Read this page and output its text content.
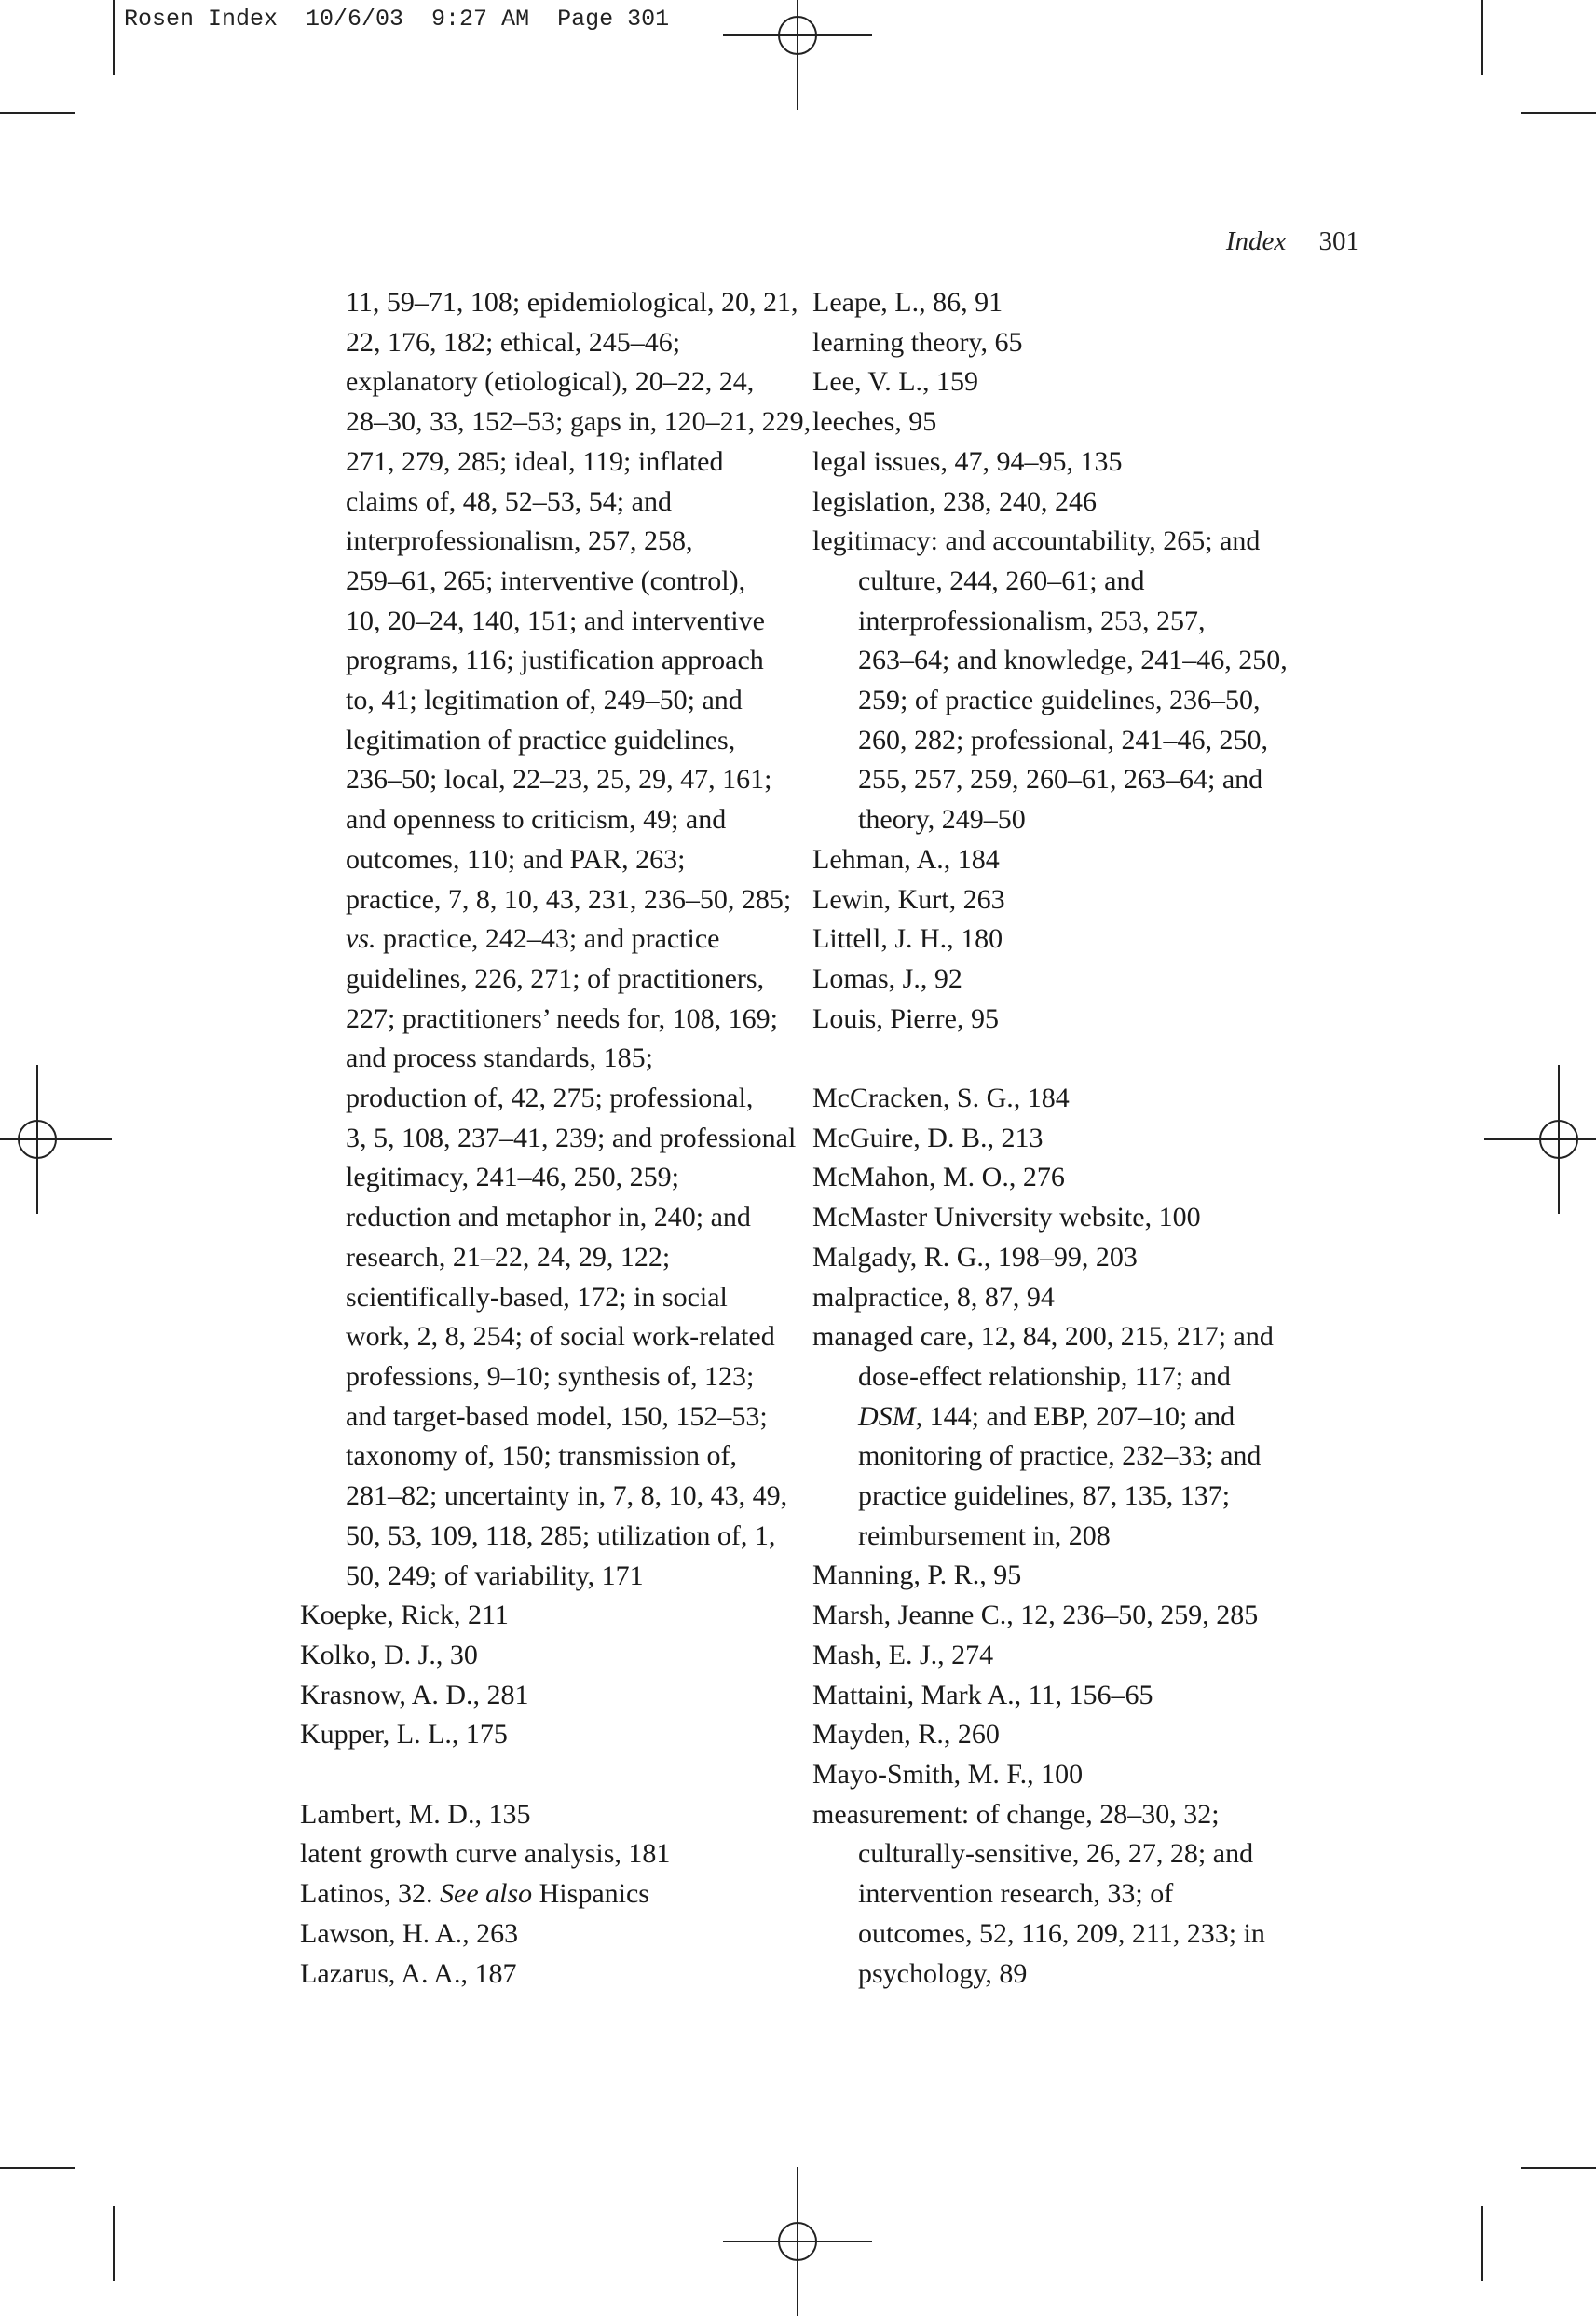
Rosen Index  10/6/03  9:27 AM  Page 301
Index 301
11, 59–71, 108; epidemiological, 20, 21,
22, 176, 182; ethical, 245–46;
explanatory (etiological), 20–22, 24,
28–30, 33, 152–53; gaps in, 120–21, 229,
271, 279, 285; ideal, 119; inflated
claims of, 48, 52–53, 54; and
interprofessionalism, 257, 258,
259–61, 265; interventive (control),
10, 20–24, 140, 151; and interventive
programs, 116; justification approach
to, 41; legitimation of, 249–50; and
legitimation of practice guidelines,
236–50; local, 22–23, 25, 29, 47, 161;
and openness to criticism, 49; and
outcomes, 110; and PAR, 263;
practice, 7, 8, 10, 43, 231, 236–50, 285;
vs. practice, 242–43; and practice
guidelines, 226, 271; of practitioners,
227; practitioners’ needs for, 108, 169;
and process standards, 185;
production of, 42, 275; professional,
3, 5, 108, 237–41, 239; and professional
legitimacy, 241–46, 250, 259;
reduction and metaphor in, 240; and
research, 21–22, 24, 29, 122;
scientifically-based, 172; in social
work, 2, 8, 254; of social work-related
professions, 9–10; synthesis of, 123;
and target-based model, 150, 152–53;
taxonomy of, 150; transmission of,
281–82; uncertainty in, 7, 8, 10, 43, 49,
50, 53, 109, 118, 285; utilization of, 1,
50, 249; of variability, 171
Koepke, Rick, 211
Kolko, D. J., 30
Krasnow, A. D., 281
Kupper, L. L., 175
Lambert, M. D., 135
latent growth curve analysis, 181
Latinos, 32. See also Hispanics
Lawson, H. A., 263
Lazarus, A. A., 187
Leape, L., 86, 91
learning theory, 65
Lee, V. L., 159
leeches, 95
legal issues, 47, 94–95, 135
legislation, 238, 240, 246
legitimacy: and accountability, 265; and
culture, 244, 260–61; and
interprofessionalism, 253, 257,
263–64; and knowledge, 241–46, 250,
259; of practice guidelines, 236–50,
260, 282; professional, 241–46, 250,
255, 257, 259, 260–61, 263–64; and
theory, 249–50
Lehman, A., 184
Lewin, Kurt, 263
Littell, J. H., 180
Lomas, J., 92
Louis, Pierre, 95
McCracken, S. G., 184
McGuire, D. B., 213
McMahon, M. O., 276
McMaster University website, 100
Malgady, R. G., 198–99, 203
malpractice, 8, 87, 94
managed care, 12, 84, 200, 215, 217; and
dose-effect relationship, 117; and
DSM, 144; and EBP, 207–10; and
monitoring of practice, 232–33; and
practice guidelines, 87, 135, 137;
reimbursement in, 208
Manning, P. R., 95
Marsh, Jeanne C., 12, 236–50, 259, 285
Mash, E. J., 274
Mattaini, Mark A., 11, 156–65
Mayden, R., 260
Mayo-Smith, M. F., 100
measurement: of change, 28–30, 32;
culturally-sensitive, 26, 27, 28; and
intervention research, 33; of
outcomes, 52, 116, 209, 211, 233; in
psychology, 89
